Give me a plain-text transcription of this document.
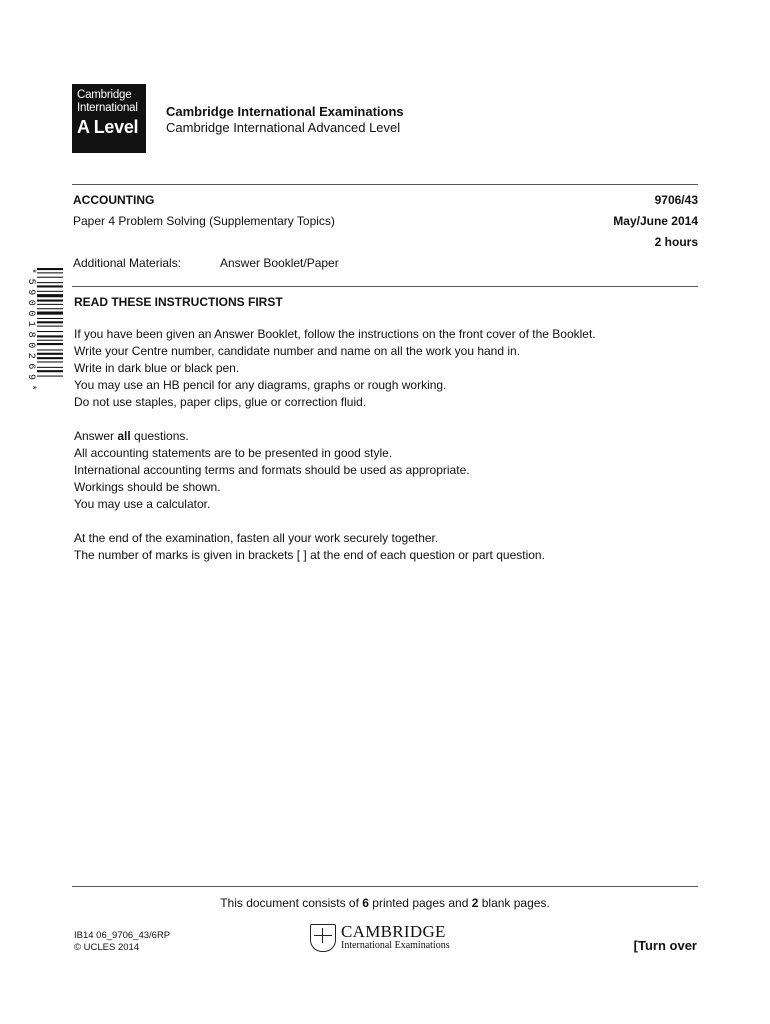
Cambridge
International
A Level
Cambridge International Examinations
Cambridge International Advanced Level
ACCOUNTING	9706/43
Paper 4 Problem Solving (Supplementary Topics)	May/June 2014
2 hours
Additional Materials:	Answer Booklet/Paper
*5900180269*	READ THESE INSTRUCTIONS FIRST

If you have been given an Answer Booklet, follow the instructions on the front cover of the Booklet.

Write your Centre number, candidate number and name on all the work you hand in.

Write in dark blue or black pen.

You may use an HB pencil for any diagrams, graphs or rough working.

Do not use staples, paper clips, glue or correction fluid.

Answer all questions.

All accounting statements are to be presented in good style.

International accounting terms and formats should be used as appropriate.

Workings should be shown.

You may use a calculator.

At the end of the examination, fasten all your work securely together.

The number of marks is given in brackets [ ] at the end of each question or part question.

This document consists of 6 printed pages and 2 blank pages.
IB14 06_9706_43/6RP
© UCLES 2014
CAMBRIDGE
International Examinations	[Turn over
